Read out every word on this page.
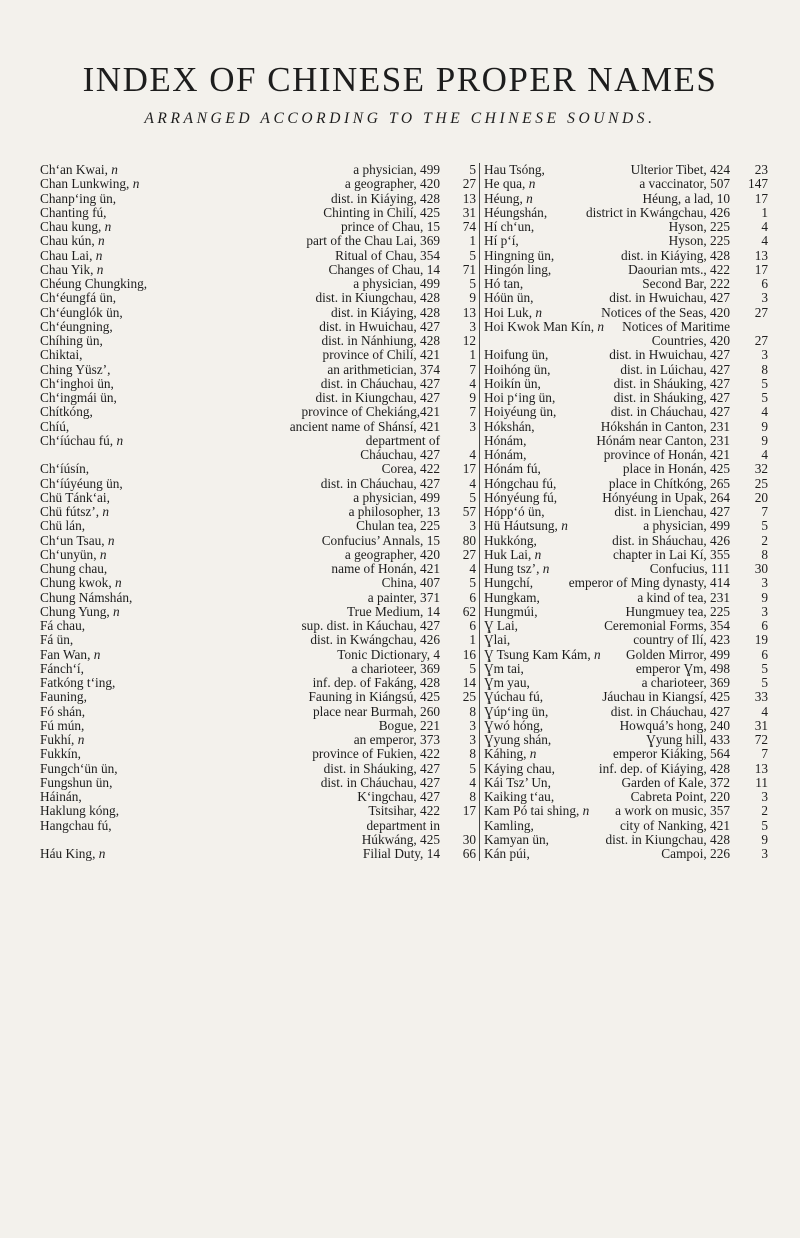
INDEX OF CHINESE PROPER NAMES
ARRANGED ACCORDING TO THE CHINESE SOUNDS.
Ch‘an Kwai, n	a physician, 499	5
Chan Lunkwing, n	a geographer, 420	27
Chanp‘ing ün,	dist. in Kiáying, 428	13
Chanting fú,	Chinting in Chilí, 425	31
Chau kung, n	prince of Chau, 15	74
Chau kún, n	part of the Chau Lai, 369	1
Chau Lai, n	Ritual of Chau, 354	5
Chau Yik, n	Changes of Chau, 14	71
Chéung Chungking,	a physician, 499	5
Ch‘éungfá ün,	dist. in Kiungchau, 428	9
Ch‘éunglók ün,	dist. in Kiáying, 428	13
Ch‘éungning,	dist. in Hwuichau, 427	3
Chíhing ün,	dist. in Nánhiung, 428	12
Chiktai,	province of Chilí, 421	1
Ching Yüsz’,	an arithmetician, 374	7
Ch‘inghoi ün,	dist. in Cháuchau, 427	4
Ch‘ingmái ün,	dist. in Kiungchau, 427	9
Chítkóng,	province of Chekiáng,421	7
Chíú,	ancient name of Shánsí, 421	3
Ch‘íúchau fú, n	department of
Cháuchau, 427	4
Ch‘íúsín,	Corea, 422	17
Ch‘íúyéung ün,	dist. in Cháuchau, 427	4
Chü Tánk‘ai,	a physician, 499	5
Chü fútsz’, n	a philosopher, 13	57
Chü lán,	Chulan tea, 225	3
Ch‘un Tsau, n	Confucius’ Annals, 15	80
Ch‘unyün, n	a geographer, 420	27
Chung chau,	name of Honán, 421	4
Chung kwok, n	China, 407	5
Chung Námshán,	a painter, 371	6
Chung Yung, n	True Medium, 14	62
Fá chau,	sup. dist. in Káuchau, 427	6
Fá ün,	dist. in Kwángchau, 426	1
Fan Wan, n	Tonic Dictionary, 4	16
Fánch‘í,	a charioteer, 369	5
Fatkóng t‘ing,	inf. dep. of Fakáng, 428	14
Fauning,	Fauning in Kiángsú, 425	25
Fó shán,	place near Burmah, 260	8
Fú mún,	Bogue, 221	3
Fukhí, n	an emperor, 373	3
Fukkín,	province of Fukien, 422	8
Fungch‘ün ün,	dist. in Sháuking, 427	5
Fungshun ün,	dist. in Cháuchau, 427	4
Háinán,	K‘ingchau, 427	8
Haklung kóng,	Tsitsihar, 422	17
Hangchau fú,	department in
Húkwáng, 425	30
Háu King, n	Filial Duty, 14	66
Hau Tsóng,	Ulterior Tibet, 424	23
He qua, n	a vaccinator, 507	147
Héung, n	Héung, a lad, 10	17
Héungshán,	district in Kwángchau, 426	1
Hí ch‘un,	Hyson, 225	4
Hí p‘í,	Hyson, 225	4
Hingning ün,	dist. in Kiáying, 428	13
Hingón ling,	Daourian mts., 422	17
Hó tan,	Second Bar, 222	6
Hóün ün,	dist. in Hwuichau, 427	3
Hoi Luk, n	Notices of the Seas, 420	27
Hoi Kwok Man Kín, n Notices of Maritime
Countries, 420	27
Hoifung ün,	dist. in Hwuichau, 427	3
Hoihóng ün,	dist. in Lúichau, 427	8
Hoikín ün,	dist. in Sháuking, 427	5
Hoi p‘ing ün,	dist. in Sháuking, 427	5
Hoiyéung ün,	dist. in Cháuchau, 427	4
Hókshán,	Hókshán in Canton, 231	9
Hónám,	Hónám near Canton, 231	9
Hónám,	province of Honán, 421	4
Hónám fú,	place in Honán, 425	32
Hóngchau fú,	place in Chítkóng, 265	25
Hónyéung fú,	Hónyéung in Upak, 264	20
Hópp‘ó ün,	dist. in Lienchau, 427	7
Hü Háutsung, n	a physician, 499	5
Hukkóng,	dist. in Sháuchau, 426	2
Huk Lai, n	chapter in Lai Kí, 355	8
Hung tsz’, n	Confucius, 111	30
Hungchí,	emperor of Ming dynasty, 414	3
Hungkam,	a kind of tea, 231	9
Hungmúi,	Hungmuey tea, 225	3
Ɣ Lai,	Ceremonial Forms, 354	6
Ɣlai,	country of Ilí, 423	19
Ɣ Tsung Kam Kám, n Golden Mirror, 499	6
Ɣm tai,	emperor Ɣm, 498	5
Ɣm yau,	a charioteer, 369	5
Ɣúchau fú,	Jáuchau in Kiangsí, 425	33
Ɣúp‘ing ün,	dist. in Cháuchau, 427	4
Ɣwó hóng,	Howquá’s hong, 240	31
Ɣyung shán,	Ɣyung hill, 433	72
Káhing, n	emperor Kiáking, 564	7
Káying chau,	inf. dep. of Kiáying, 428	13
Kái Tsz’ Un,	Garden of Kale, 372	11
Kaiking t‘au,	Cabreta Point, 220	3
Kam Pó tai shing, n a work on music, 357	2
Kamling,	city of Nanking, 421	5
Kamyan ün,	dist. in Kiungchau, 428	9
Kán púi,	Campoi, 226	3
